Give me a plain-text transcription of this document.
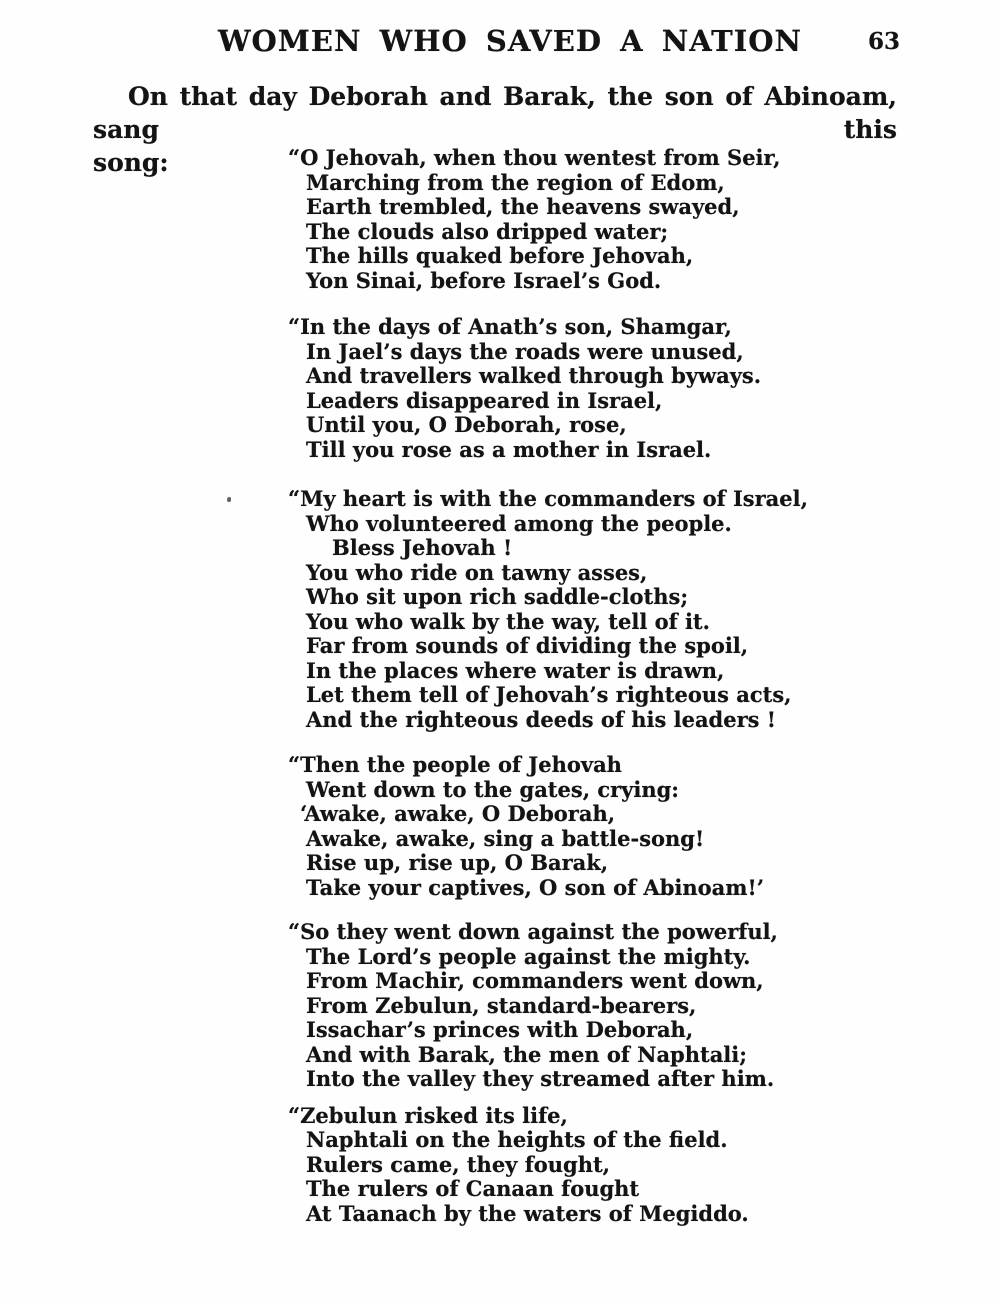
WOMEN WHO SAVED A NATION	63
On that day Deborah and Barak, the son of Abinoam, sang this
song:	“O Jehovah, when thou wentest from Seir,
Marching from the region of Edom,
Earth trembled, the heavens swayed,
The clouds also dripped water;
The hills quaked before Jehovah,
Yon Sinai, before Israel’s God.
“In the days of Anath’s son, Shamgar,
In Jael’s days the roads were unused,
And travellers walked through byways.
Leaders disappeared in Israel,
Until you, O Deborah, rose,
Till you rose as a mother in Israel.
“My heart is with the commanders of Israel,
Who volunteered among the people.
Bless Jehovah !
You who ride on tawny asses,
Who sit upon rich saddle-cloths;
You who walk by the way, tell of it.
Far from sounds of dividing the spoil,
In the places where water is drawn,
Let them tell of Jehovah’s righteous acts,
And the righteous deeds of his leaders !
“Then the people of Jehovah
Went down to the gates, crying:
‘Awake, awake, O Deborah,
Awake, awake, sing a battle-song!
Rise up, rise up, O Barak,
Take your captives, O son of Abinoam!’
“So they went down against the powerful,
The Lord’s people against the mighty.
From Machir, commanders went down,
From Zebulun, standard-bearers,
Issachar’s princes with Deborah,
And with Barak, the men of Naphtali;
Into the valley they streamed after him.
“Zebulun risked its life,
Naphtali on the heights of the field.
Rulers came, they fought,
The rulers of Canaan fought
At Taanach by the waters of Megiddo.
